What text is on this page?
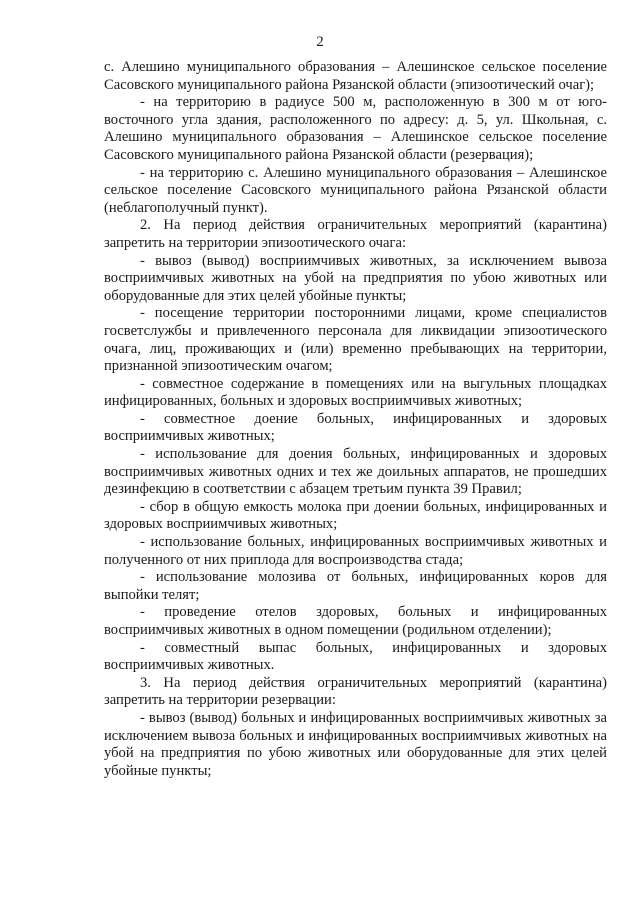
2

с. Алешино муниципального образования – Алешинское сельское поселение Сасовского муниципального района Рязанской области (эпизоотический очаг);

- на территорию в радиусе 500 м, расположенную в 300 м от юго-восточного угла здания, расположенного по адресу: д. 5, ул. Школьная, с. Алешино муниципального образования – Алешинское сельское поселение Сасовского муниципального района Рязанской области (резервация);

- на территорию с. Алешино муниципального образования – Алешинское сельское поселение Сасовского муниципального района Рязанской области (неблагополучный пункт).

2. На период действия ограничительных мероприятий (карантина) запретить на территории эпизоотического очага:

- вывоз (вывод) восприимчивых животных, за исключением вывоза восприимчивых животных на убой на предприятия по убою животных или оборудованные для этих целей убойные пункты;

- посещение территории посторонними лицами, кроме специалистов госветслужбы и привлеченного персонала для ликвидации эпизоотического очага, лиц, проживающих и (или) временно пребывающих на территории, признанной эпизоотическим очагом;

- совместное содержание в помещениях или на выгульных площадках инфицированных, больных и здоровых восприимчивых животных;

- совместное доение больных, инфицированных и здоровых восприимчивых животных;

- использование для доения больных, инфицированных и здоровых восприимчивых животных одних и тех же доильных аппаратов, не прошедших дезинфекцию в соответствии с абзацем третьим пункта 39 Правил;

- сбор в общую емкость молока при доении больных, инфицированных и здоровых восприимчивых животных;

- использование больных, инфицированных восприимчивых животных и полученного от них приплода для воспроизводства стада;

- использование молозива от больных, инфицированных коров для выпойки телят;

- проведение отелов здоровых, больных и инфицированных восприимчивых животных в одном помещении (родильном отделении);

- совместный выпас больных, инфицированных и здоровых восприимчивых животных.

3. На период действия ограничительных мероприятий (карантина) запретить на территории резервации:

- вывоз (вывод) больных и инфицированных восприимчивых животных за исключением вывоза больных и инфицированных восприимчивых животных на убой на предприятия по убою животных или оборудованные для этих целей убойные пункты;
